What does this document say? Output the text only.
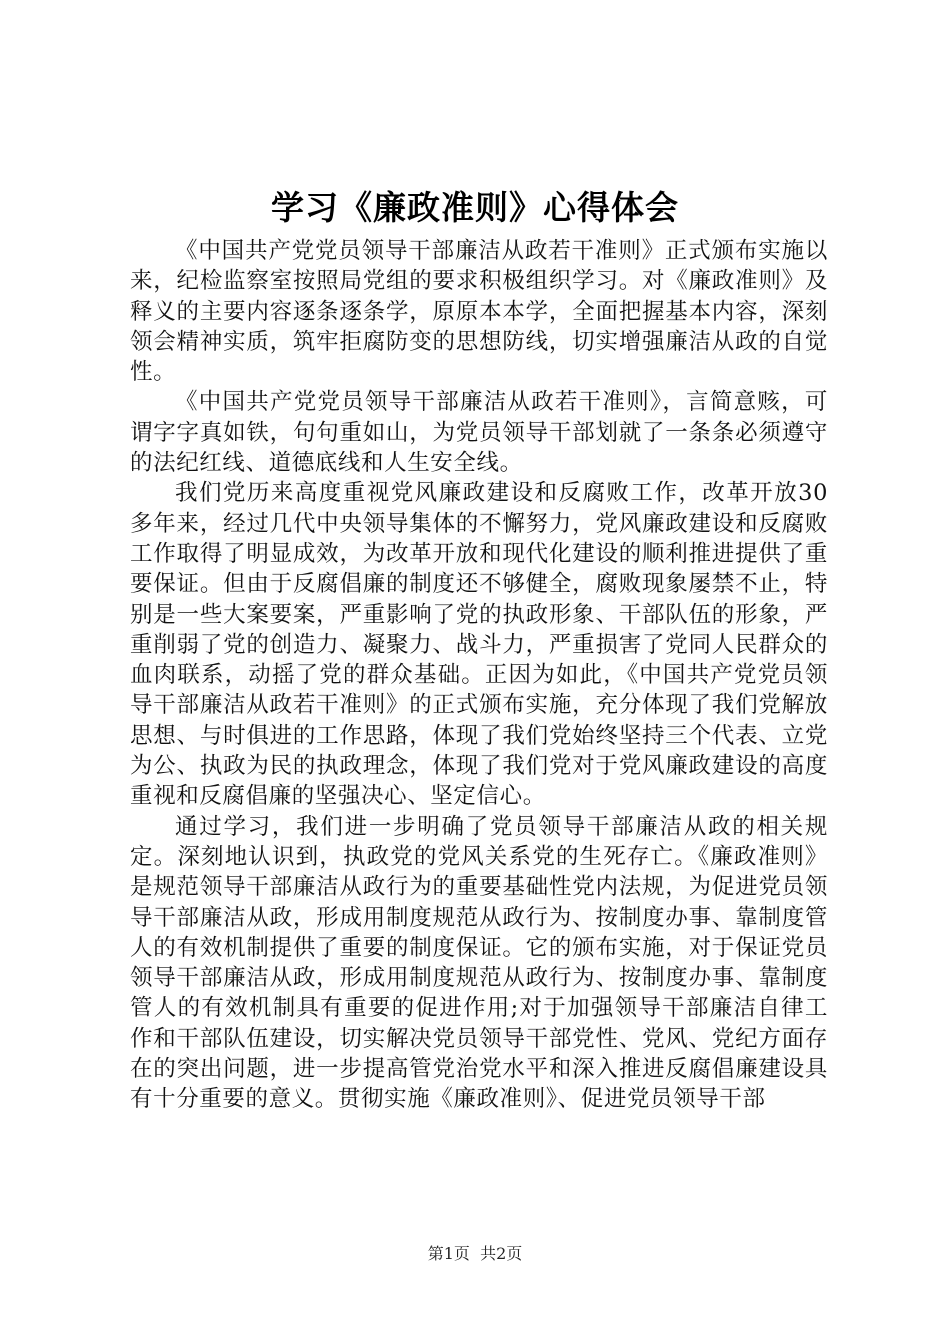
学习《廉政准则》心得体会

《中国共产党党员领导干部廉洁从政若干准则》正式颁布实施以来，纪检监察室按照局党组的要求积极组织学习。对《廉政准则》及释义的主要内容逐条逐条学，原原本本学，全面把握基本内容，深刻领会精神实质，筑牢拒腐防变的思想防线，切实增强廉洁从政的自觉性。

《中国共产党党员领导干部廉洁从政若干准则》，言简意赅，可谓字字真如铁，句句重如山，为党员领导干部划就了一条条必须遵守的法纪红线、道德底线和人生安全线。

我们党历来高度重视党风廉政建设和反腐败工作，改革开放30多年来，经过几代中央领导集体的不懈努力，党风廉政建设和反腐败工作取得了明显成效，为改革开放和现代化建设的顺利推进提供了重要保证。但由于反腐倡廉的制度还不够健全，腐败现象屡禁不止，特别是一些大案要案，严重影响了党的执政形象、干部队伍的形象，严重削弱了党的创造力、凝聚力、战斗力，严重损害了党同人民群众的血肉联系，动摇了党的群众基础。正因为如此，《中国共产党党员领导干部廉洁从政若干准则》的正式颁布实施，充分体现了我们党解放思想、与时俱进的工作思路，体现了我们党始终坚持三个代表、立党为公、执政为民的执政理念，体现了我们党对于党风廉政建设的高度重视和反腐倡廉的坚强决心、坚定信心。

通过学习，我们进一步明确了党员领导干部廉洁从政的相关规定。深刻地认识到，执政党的党风关系党的生死存亡。《廉政准则》是规范领导干部廉洁从政行为的重要基础性党内法规，为促进党员领导干部廉洁从政，形成用制度规范从政行为、按制度办事、靠制度管人的有效机制提供了重要的制度保证。它的颁布实施，对于保证党员领导干部廉洁从政，形成用制度规范从政行为、按制度办事、靠制度管人的有效机制具有重要的促进作用;对于加强领导干部廉洁自律工作和干部队伍建设，切实解决党员领导干部党性、党风、党纪方面存在的突出问题，进一步提高管党治党水平和深入推进反腐倡廉建设具有十分重要的意义。贯彻实施《廉政准则》、促进党员领导干部

第1页  共2页
